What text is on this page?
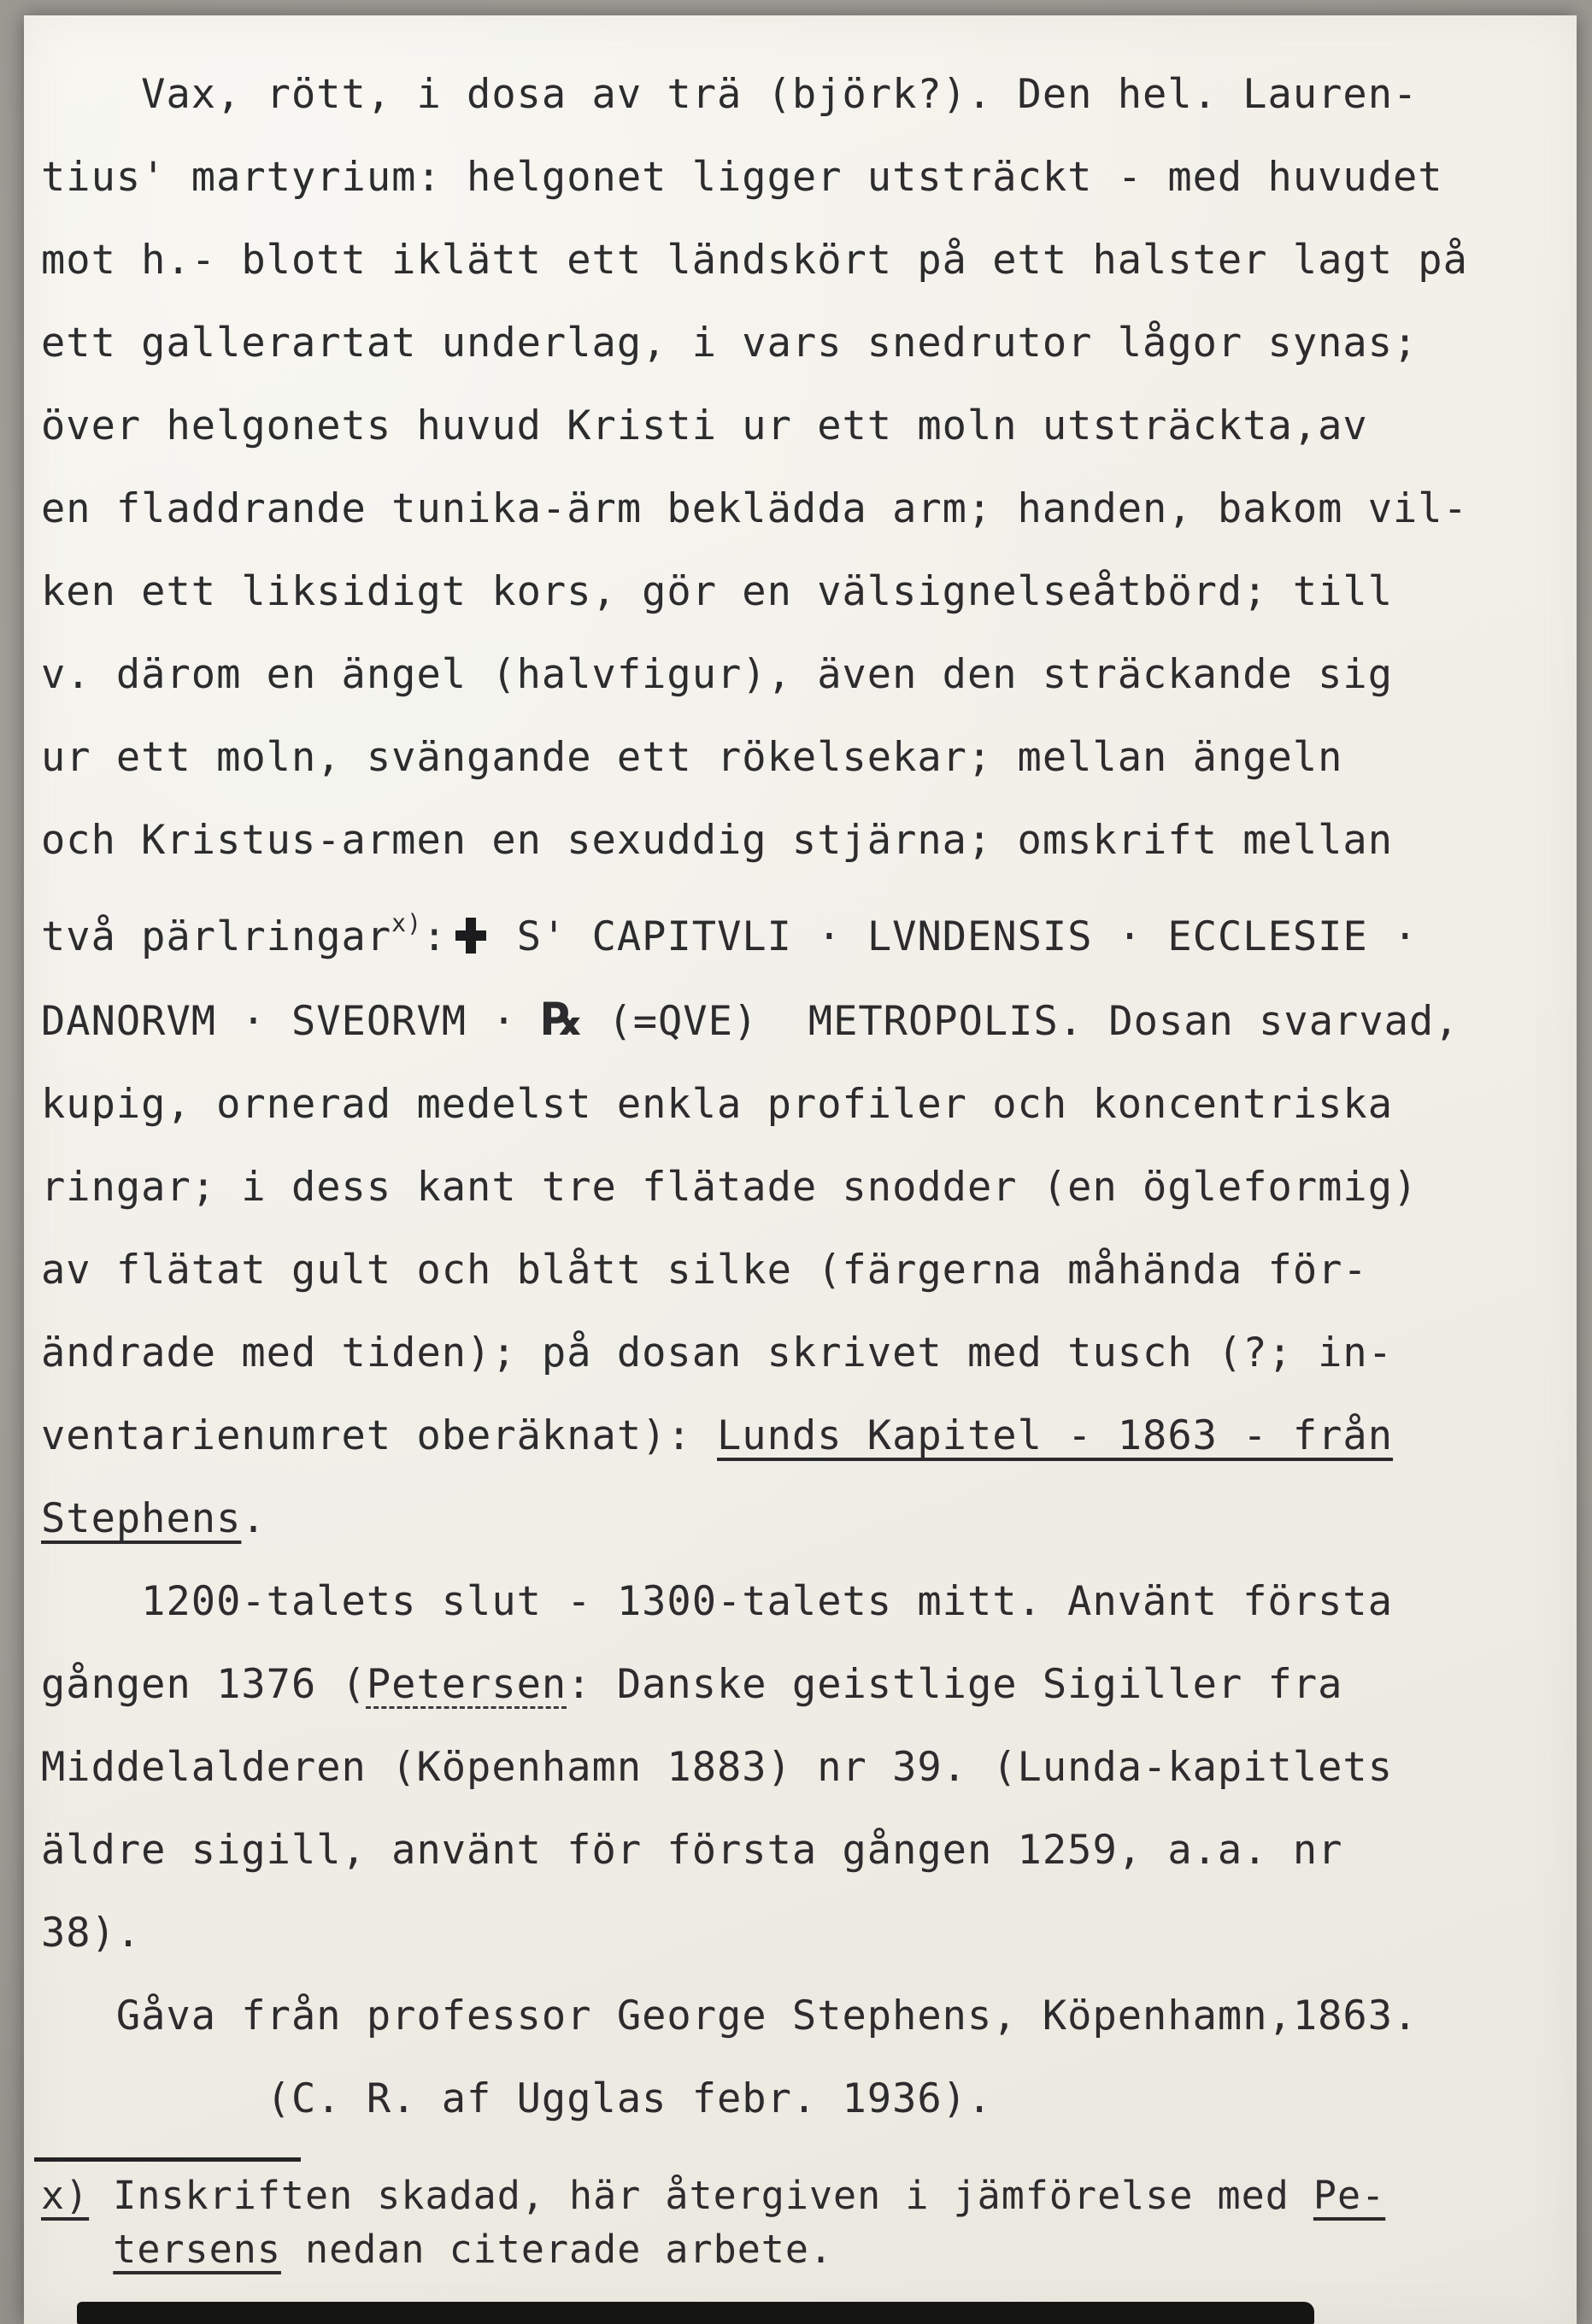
Vax, rött, i dosa av trä (björk?). Den hel. Lauren-
tius' martyrium: helgonet ligger utsträckt - med huvudet
mot h.- blott iklätt ett ländskört på ett halster lagt på
ett gallerartat underlag, i vars snedrutor lågor synas;
över helgonets huvud Kristi ur ett moln utsträckta,av
en fladdrande tunika-ärm beklädda arm; handen, bakom vil-
ken ett liksidigt kors, gör en välsignelseåtbörd; till
v. därom en ängel (halvfigur), även den sträckande sig
ur ett moln, svängande ett rökelsekar; mellan ängeln
och Kristus-armen en sexuddig stjärna; omskrift mellan
två pärlringar$^{x)}$: S' CAPITVLI · LVNDENSIS · ECCLESIE ·
DANORVM · SVEORVM · ℞ (=QVE)  METROPOLIS. Dosan svarvad,
kupig, ornerad medelst enkla profiler och koncentriska
ringar; i dess kant tre flätade snodder (en ögleformig)
av flätat gult och blått silke (färgerna måhända för-
ändrade med tiden); på dosan skrivet med tusch (?; in-
ventarienumret oberäknat): Lunds Kapitel - 1863 - från
Stephens.
1200-talets slut - 1300-talets mitt. Använt första
gången 1376 (Petersen: Danske geistlige Sigiller fra
Middelalderen (Köpenhamn 1883) nr 39. (Lunda-kapitlets
äldre sigill, använt för första gången 1259, a.a. nr
38).
Gåva från professor George Stephens, Köpenhamn,1863.
(C. R. af Ugglas febr. 1936).
x) Inskriften skadad, här återgiven i jämförelse med Pe-
tersens nedan citerade arbete.
